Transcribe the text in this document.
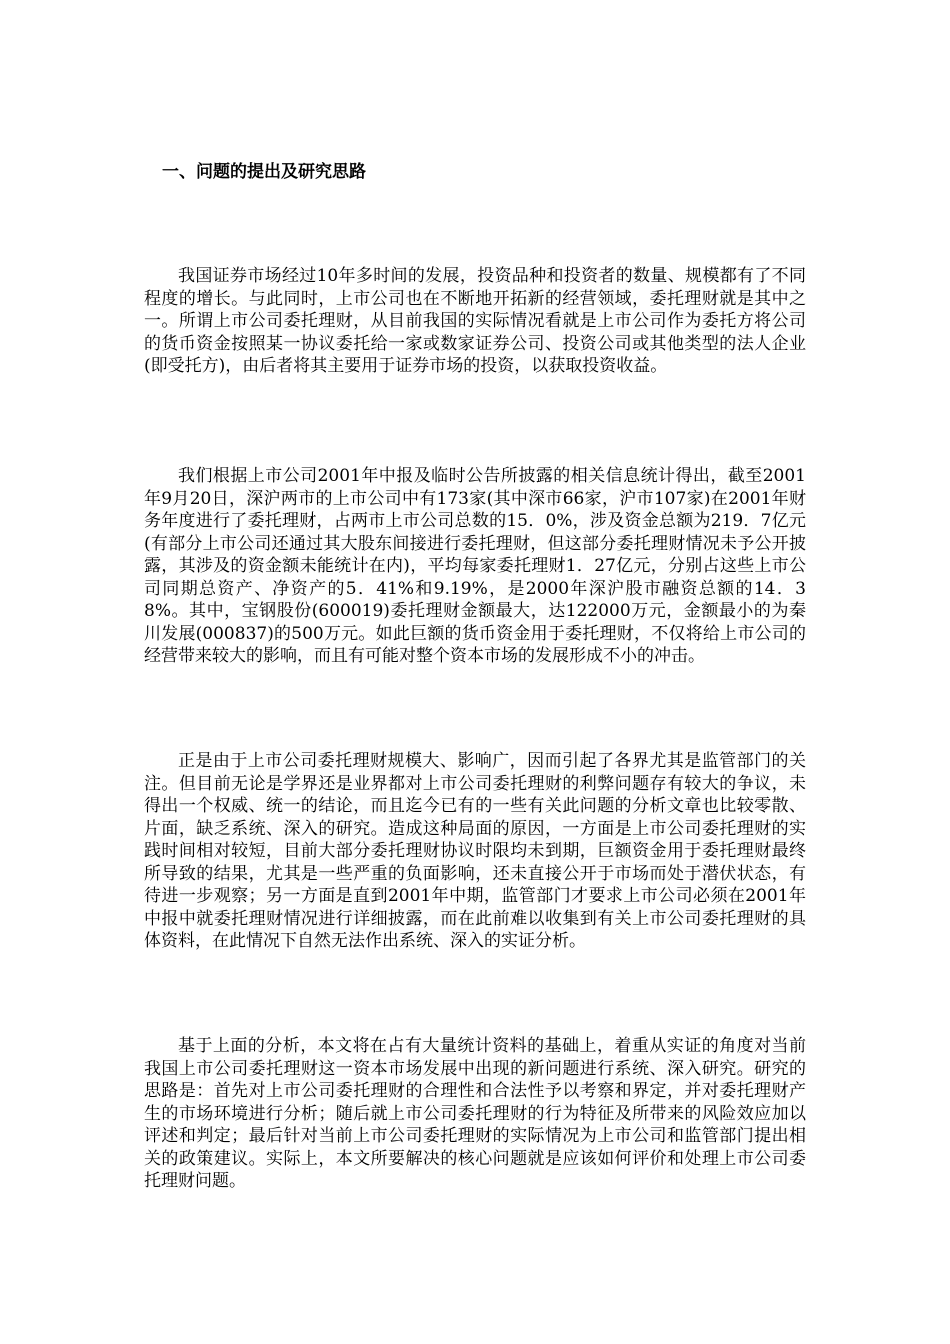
一、问题的提出及研究思路

我国证券市场经过10年多时间的发展，投资品种和投资者的数量、规模都有了不同程度的增长。与此同时，上市公司也在不断地开拓新的经营领域，委托理财就是其中之一。所谓上市公司委托理财，从目前我国的实际情况看就是上市公司作为委托方将公司的货币资金按照某一协议委托给一家或数家证券公司、投资公司或其他类型的法人企业(即受托方)，由后者将其主要用于证券市场的投资，以获取投资收益。

我们根据上市公司2001年中报及临时公告所披露的相关信息统计得出，截至2001年9月20日，深沪两市的上市公司中有173家(其中深市66家，沪市107家)在2001年财务年度进行了委托理财，占两市上市公司总数的15．0%，涉及资金总额为219．7亿元(有部分上市公司还通过其大股东间接进行委托理财，但这部分委托理财情况未予公开披露，其涉及的资金额未能统计在内)，平均每家委托理财1．27亿元，分别占这些上市公司同期总资产、净资产的5．41%和9.19%，是2000年深沪股市融资总额的14．38%。其中，宝钢股份(600019)委托理财金额最大，达122000万元，金额最小的为秦川发展(000837)的500万元。如此巨额的货币资金用于委托理财，不仅将给上市公司的经营带来较大的影响，而且有可能对整个资本市场的发展形成不小的冲击。

正是由于上市公司委托理财规模大、影响广，因而引起了各界尤其是监管部门的关注。但目前无论是学界还是业界都对上市公司委托理财的利弊问题存有较大的争议，未得出一个权威、统一的结论，而且迄今已有的一些有关此问题的分析文章也比较零散、片面，缺乏系统、深入的研究。造成这种局面的原因，一方面是上市公司委托理财的实践时间相对较短，目前大部分委托理财协议时限均未到期，巨额资金用于委托理财最终所导致的结果，尤其是一些严重的负面影响，还未直接公开于市场而处于潜伏状态，有待进一步观察；另一方面是直到2001年中期，监管部门才要求上市公司必须在2001年中报中就委托理财情况进行详细披露，而在此前难以收集到有关上市公司委托理财的具体资料，在此情况下自然无法作出系统、深入的实证分析。

基于上面的分析，本文将在占有大量统计资料的基础上，着重从实证的角度对当前我国上市公司委托理财这一资本市场发展中出现的新问题进行系统、深入研究。研究的思路是：首先对上市公司委托理财的合理性和合法性予以考察和界定，并对委托理财产生的市场环境进行分析；随后就上市公司委托理财的行为特征及所带来的风险效应加以评述和判定；最后针对当前上市公司委托理财的实际情况为上市公司和监管部门提出相关的政策建议。实际上，本文所要解决的核心问题就是应该如何评价和处理上市公司委托理财问题。
